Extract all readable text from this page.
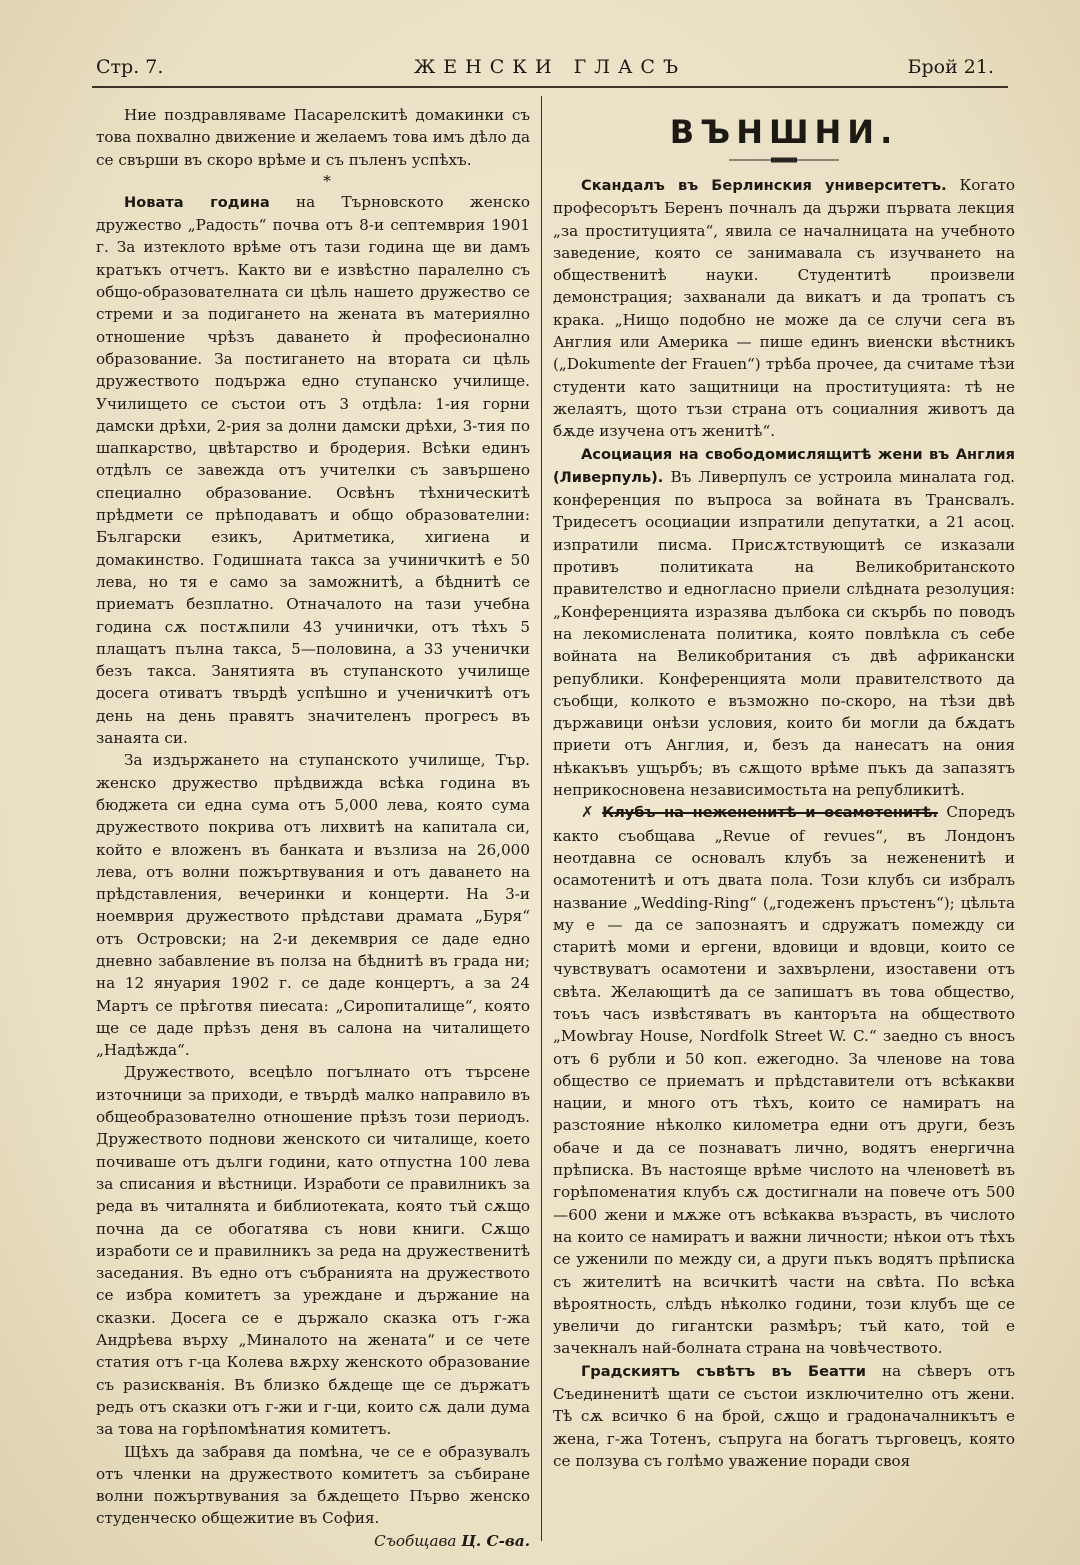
Стр. 7.	ЖЕНСКИ ГЛАСЪ	Брой 21.

Ние поздравляваме Пасарелскитѣ домакинки съ това похвално движение и желаемъ това имъ дѣло да се свърши въ скоро врѣме и съ пъленъ успѣхъ.

*

Новата година на Търновското женско дружество „Радость“ почва отъ 8-и септемврия 1901 г. За изтеклото врѣме отъ тази година ще ви дамъ кратъкъ отчетъ. Както ви е извѣстно паралелно съ общо-образователната си цѣль нашето дружество се стреми и за подиганетo на жената въ материялно отношение чрѣзъ даването ѝ професионално образование. За постигането на втората си цѣль дружеството подържа едно ступанско училище. Училището се състои отъ 3 отдѣла: 1-ия горни дамски дрѣхи, 2-рия за долни дамски дрѣхи, 3-тия по шапкарство, цвѣтарство и бродерия. Всѣки единъ отдѣлъ се завежда отъ учителки съ завършено специално образование. Освѣнъ тѣхническитѣ прѣдмети се прѣподаватъ и общо образователни: Български езикъ, Аритметика, хигиена и домакинство. Годишната такса за учиничкитѣ е 50 лева, но тя е само за заможнитѣ, а бѣднитѣ се приематъ безплатно. Отначалото на тази учебна година сѫ постѫпили 43 учинички, отъ тѣхъ 5 плащатъ пълна такса, 5—половина, а 33 ученички безъ такса. Занятията въ ступанското училище досега отиватъ твърдѣ успѣшно и ученичкитѣ отъ день на день правятъ значителенъ прогресъ въ занаята си.

За издържането на ступанското училище, Тър. женско дружество прѣдвижда всѣка година въ бюджета си една сума отъ 5,000 лева, която сума дружеството покрива отъ лихвитѣ на капитала си, който е вложенъ въ банката и възлиза на 26,000 лева, отъ волни пожъртвувания и отъ даването на прѣдставления, вечеринки и концерти. На 3-и ноемврия дружеството прѣдстави драмата „Буря“ отъ Островски; на 2-и декемврия се даде едно дневно забавление въ полза на бѣднитѣ въ града ни; на 12 януария 1902 г. се даде концертъ, а за 24 Мартъ се прѣготвя пиесата: „Сиропиталище“, която ще се даде прѣзъ деня въ салона на читалището „Надѣжда“.

Дружеството, всецѣло погълнато отъ търсене източници за приходи, е твърдѣ малко направило въ общеобразователно отношение прѣзъ този периодъ. Дружеството поднови женското си читалище, което почиваше отъ дълги години, като отпустна 100 лева за списания и вѣстници. Изработи се правилникъ за реда въ читалнята и библиотеката, която тъй сѫщо почна да се обогатява съ нови книги. Сѫщо изработи се и правилникъ за реда на дружественитѣ заседания. Въ едно отъ събранията на дружеството се избра комитетъ за уреждане и държание на сказки. Досега се е държало сказка отъ г-жа Андрѣева върху „Миналото на жената“ и се чете статия отъ г-ца Колева вѫрху женското образование съ разискванія. Въ близко бѫдеще ще се държатъ редъ отъ сказки отъ г-жи и г-ци, които сѫ дали дума за това на горѣпомѣнатия комитетъ.

Щѣхъ да забравя да помѣна, че се е образувалъ отъ членки на дружеството комитетъ за събиране волни пожъртвувания за бѫдещето Първо женско студенческо общежитие въ София.

Съобщава Ц. С-ва.

ВЪНШНИ.

Скандалъ въ Берлинския университетъ. Когато професорътъ Беренъ почналъ да държи първата лекция „за проституцията“, явила се началницата на учебното заведение, която се занимавала съ изучването на общественитѣ науки. Студентитѣ произвели демонстрация; захванали да викатъ и да тропатъ съ крака. „Нищо подобно не може да се случи сега въ Англия или Америка — пише единъ виенски вѣстникъ („Dokumente der Frauen“) трѣба прочее, да считаме тѣзи студенти като защитници на проституцията: тѣ не желаятъ, щото тъзи страна отъ социалния животъ да бѫде изучена отъ женитѣ“.

Асоциация на свободомислящитѣ жени въ Англия (Ливерпуль). Въ Ливерпулъ се устроила миналата год. конференция по въпроса за войната въ Трансвалъ. Тридесетъ осоциации изпратили депутатки, а 21 асоц. изпратили писма. Присѫтствующитѣ се изказали противъ политиката на Великобританското правителство и едногласно приели слѣдната резолуция: „Конференцията изразява дълбока си скърбь по поводъ на лекомислената политика, която повлѣкла съ себе войната на Великобритания съ двѣ африкански републики. Конференцията моли правителството да съобщи, колкото е възможно по-скоро, на тѣзи двѣ държавици онѣзи условия, които би могли да бѫдатъ приети отъ Англия, и, безъ да нанесатъ на ония нѣкакъвъ ущърбъ; въ сѫщото врѣме пъкъ да запазятъ неприкосновена независимостьта на републикитѣ.

✗ Клубъ на нежененитѣ и осамотенитѣ. Споредъ както съобщава „Revue of revues“, въ Лондонъ неотдавна се основалъ клубъ за нежененитѣ и осамотенитѣ и отъ двата пола. Този клубъ си избралъ название „Wedding-Ring“ („годеженъ пръстенъ“); цѣльта му е — да се запознаятъ и сдружатъ помежду си старитѣ моми и ергени, вдовици и вдовци, които се чувствуватъ осамотени и захвърлени, изоставени отъ свѣта. Желающитѣ да се запишатъ въ това общество, тоъъ часъ извѣстяватъ въ канторъта на обществото „Mowbray House, Nordfolk Street W. C.“ заедно съ вносъ отъ 6 рубли и 50 коп. ежегодно. За членове на това общество се приематъ и прѣдставители отъ всѣкакви нации, и много отъ тѣхъ, които се намиратъ на разстояние нѣколко километра едни отъ други, безъ обаче и да се познаватъ лично, водятъ енергична прѣписка. Въ настояще врѣме числото на членоветѣ въ горѣпоменатия клубъ сѫ достигнали на повече отъ 500—600 жени и мѫже отъ всѣкаква възрасть, въ числото на които се намиратъ и важни личности; нѣкои отъ тѣхъ се уженили по между си, а други пъкъ водятъ прѣписка съ жителитѣ на всичкитѣ части на свѣта. По всѣка вѣроятность, слѣдъ нѣколко години, този клубъ ще се увеличи до гигантски размѣръ; тъй като, той е зачекналъ най-болната страна на човѣчеството.

Градскиятъ съвѣтъ въ Беатти на сѣверъ отъ Съединенитѣ щати се състои изключително отъ жени. Тѣ сѫ всичко 6 на брой, сѫщо и градоначалникътъ е жена, г-жа Тотенъ, съпруга на богатъ търговецъ, която се ползува съ голѣмо уважение поради своя
